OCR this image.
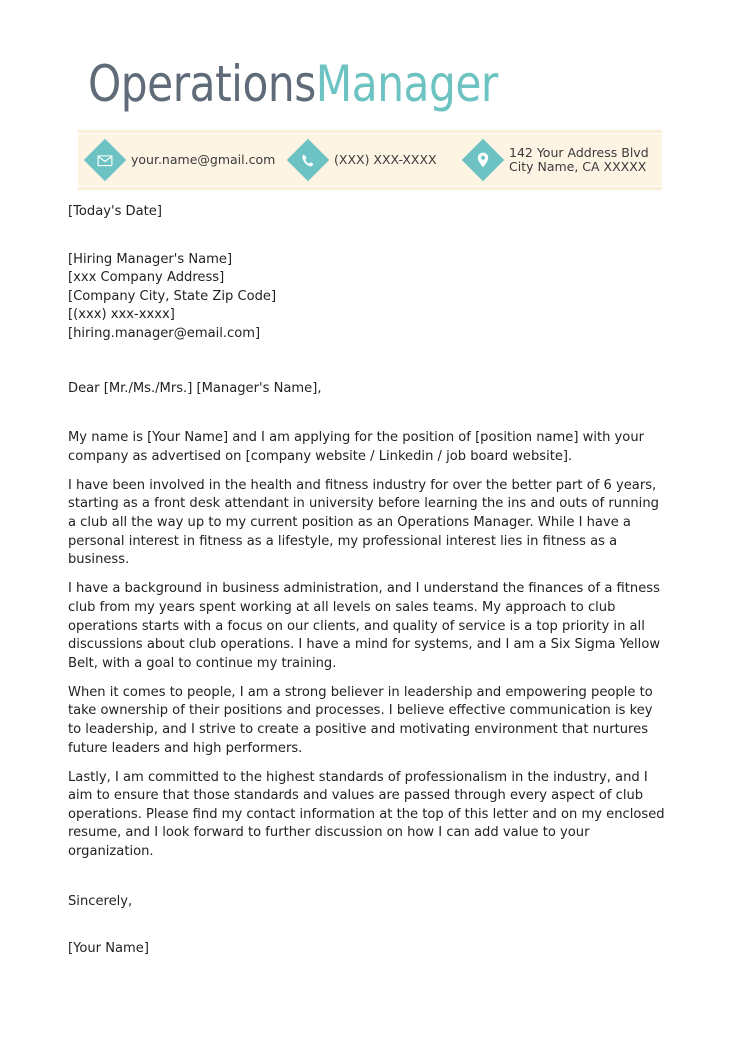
OperationsManager
your.name@gmail.com	(XXX) XXX-XXXX	142 Your Address Blvd
City Name, CA XXXXX
[Today's Date]
[Hiring Manager's Name]
[xxx Company Address]
[Company City, State Zip Code]
[(xxx) xxx-xxxx]
[hiring.manager@email.com]
Dear [Mr./Ms./Mrs.] [Manager's Name],

My name is [Your Name] and I am applying for the position of [position name] with your company as advertised on [company website / Linkedin / job board website].

I have been involved in the health and fitness industry for over the better part of 6 years, starting as a front desk attendant in university before learning the ins and outs of running a club all the way up to my current position as an Operations Manager. While I have a personal interest in fitness as a lifestyle, my professional interest lies in fitness as a business.

I have a background in business administration, and I understand the finances of a fitness club from my years spent working at all levels on sales teams. My approach to club operations starts with a focus on our clients, and quality of service is a top priority in all discussions about club operations. I have a mind for systems, and I am a Six Sigma Yellow Belt, with a goal to continue my training.

When it comes to people, I am a strong believer in leadership and empowering people to take ownership of their positions and processes. I believe effective communication is key to leadership, and I strive to create a positive and motivating environment that nurtures future leaders and high performers.

Lastly, I am committed to the highest standards of professionalism in the industry, and I aim to ensure that those standards and values are passed through every aspect of club operations. Please find my contact information at the top of this letter and on my enclosed resume, and I look forward to further discussion on how I can add value to your organization.

Sincerely,
[Your Name]
